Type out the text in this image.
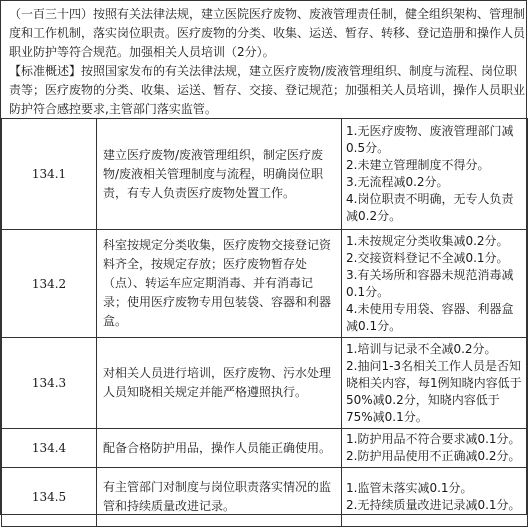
（一百三十四）按照有关法律法规，建立医院医疗废物、废液管理责任制，健全组织架构、管理制度和工作机制，落实岗位职责。医疗废物的分类、收集、运送、暂存、转移、登记造册和操作人员职业防护等符合规范。加强相关人员培训（2分）。

【标准概述】按照国家发布的有关法律法规，建立医疗废物/废液管理组织、制度与流程、岗位职责等；医疗废物的分类、收集、运送、暂存、交接、登记规范；加强相关人员培训，操作人员职业防护符合感控要求,主管部门落实监管。

134.1	建立医疗废物/废液管理组织，制定医疗废物/废液相关管理制度与流程，明确岗位职责，有专人负责医疗废物处置工作。	1.无医疗废物、废液管理部门减0.5分。
2.未建立管理制度不得分。
3.无流程减0.2分。
4.岗位职责不明确，无专人负责减0.2分。

134.2	科室按规定分类收集，医疗废物交接登记资料齐全，按规定存放；医疗废物暂存处（点）、转运车应定期消毒、并有消毒记录；使用医疗废物专用包装袋、容器和利器盒。	1.未按规定分类收集减0.2分。
2.交接资料登记不全减0.1分。
3.有关场所和容器未规范消毒减0.1分。
4.未使用专用袋、容器、利器盒减0.1分。

134.3	对相关人员进行培训，医疗废物、污水处理人员知晓相关规定并能严格遵照执行。	1.培训与记录不全减0.2分。
2.抽问1-3名相关工作人员是否知晓相关内容，每1例知晓内容低于50%减0.2分，知晓内容低于75%减0.1分。

134.4	配备合格防护用品，操作人员能正确使用。	1.防护用品不符合要求减0.1分。
2.防护用品使用不正确减0.2分。

134.5	有主管部门对制度与岗位职责落实情况的监管和持续质量改进记录。	1.监管未落实减0.1分。
2.无持续质量改进记录减0.1分。
